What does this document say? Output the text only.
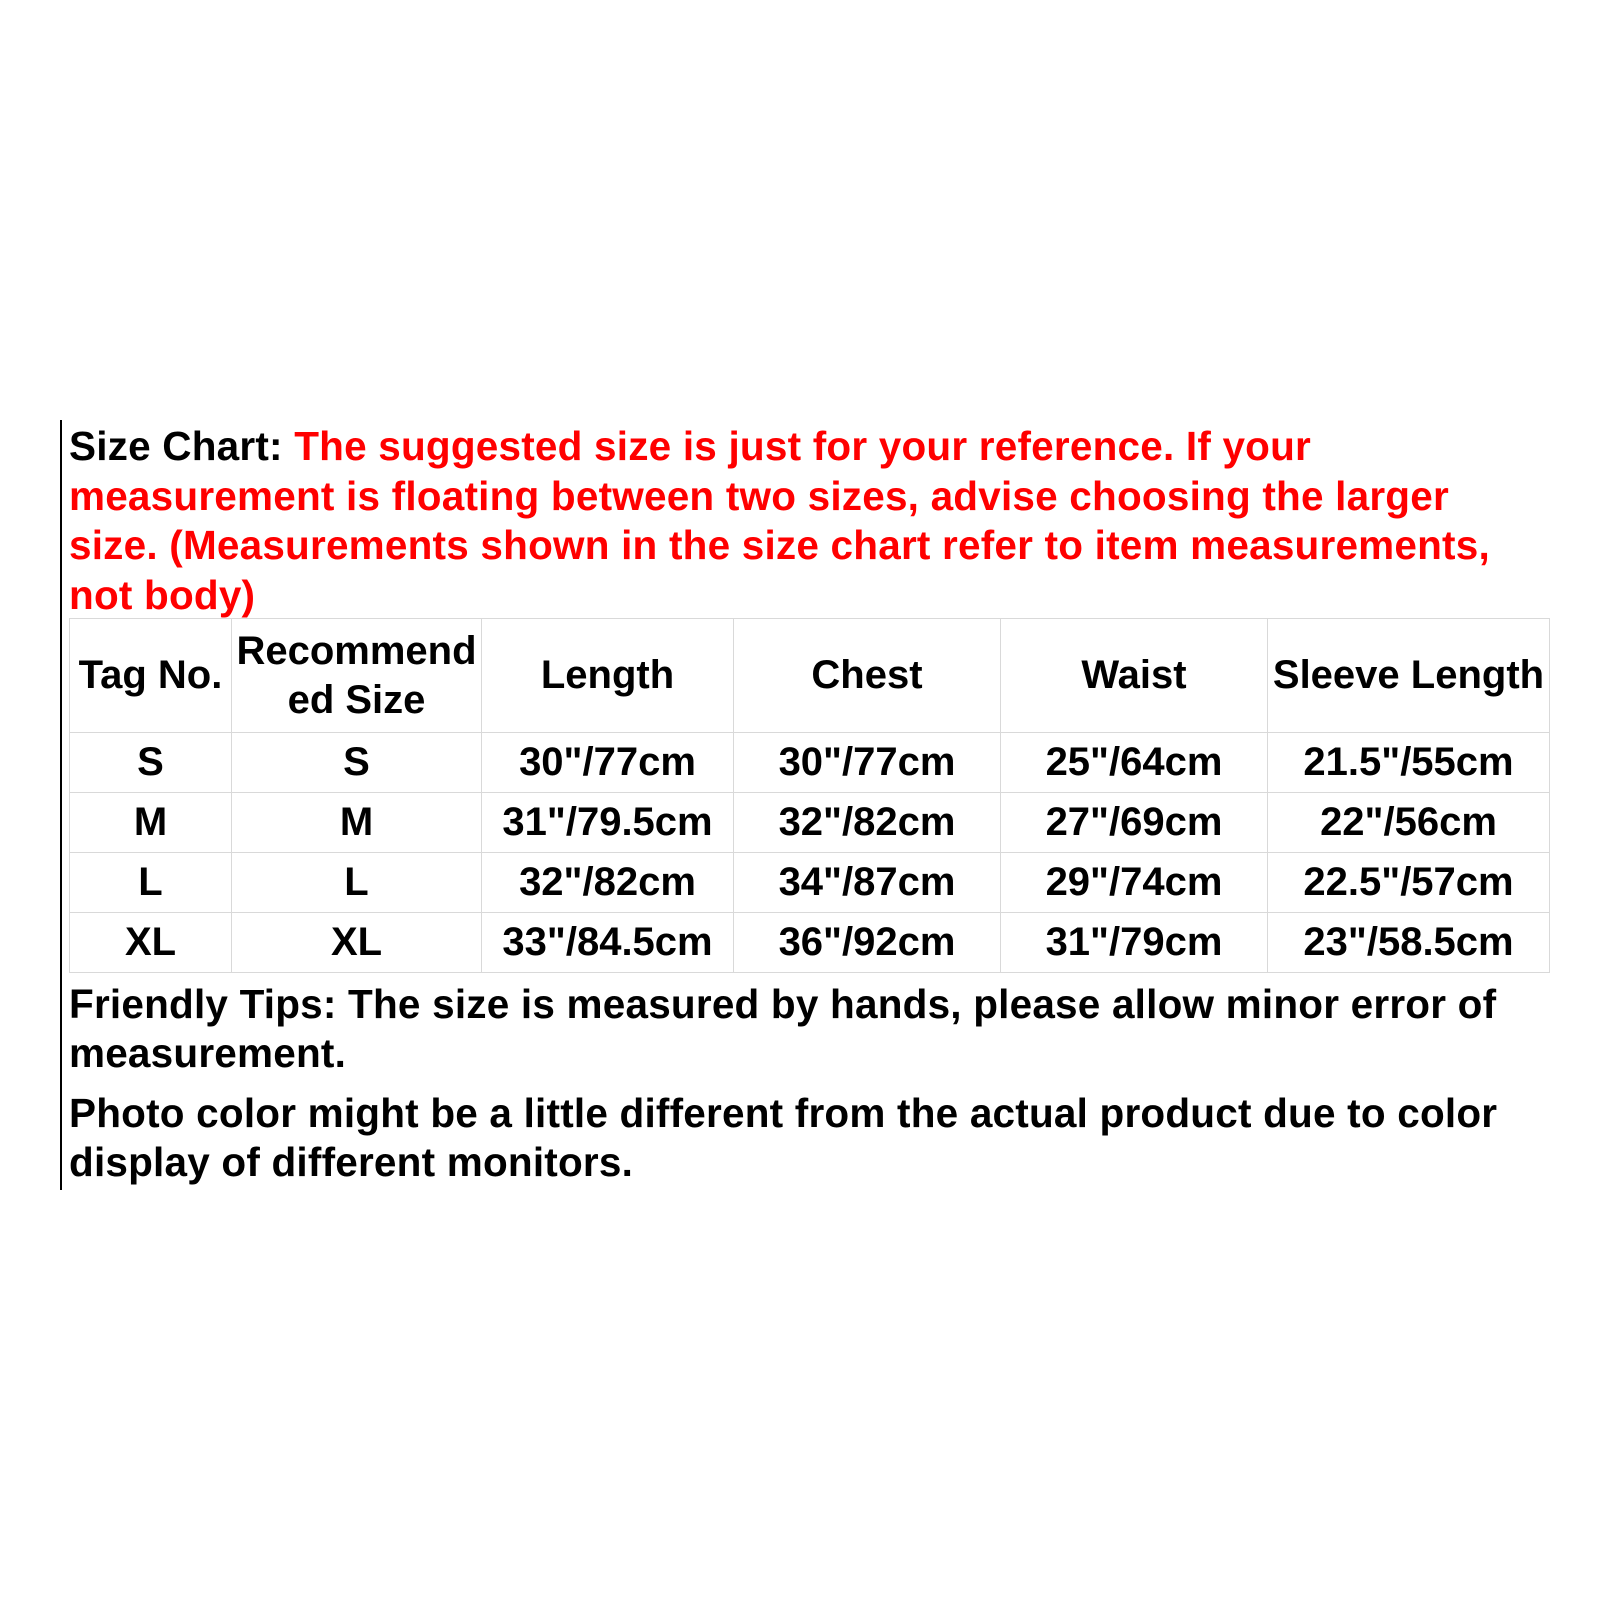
Size Chart: The suggested size is just for your reference. If your measurement is floating between two sizes, advise choosing the larger size. (Measurements shown in the size chart refer to item measurements, not body)

Tag No.	Recommended Size	Length	Chest	Waist	Sleeve Length
S	S	30"/77cm	30"/77cm	25"/64cm	21.5"/55cm
M	M	31"/79.5cm	32"/82cm	27"/69cm	22"/56cm
L	L	32"/82cm	34"/87cm	29"/74cm	22.5"/57cm
XL	XL	33"/84.5cm	36"/92cm	31"/79cm	23"/58.5cm

Friendly Tips: The size is measured by hands, please allow minor error of measurement.

Photo color might be a little different from the actual product due to color display of different monitors.
